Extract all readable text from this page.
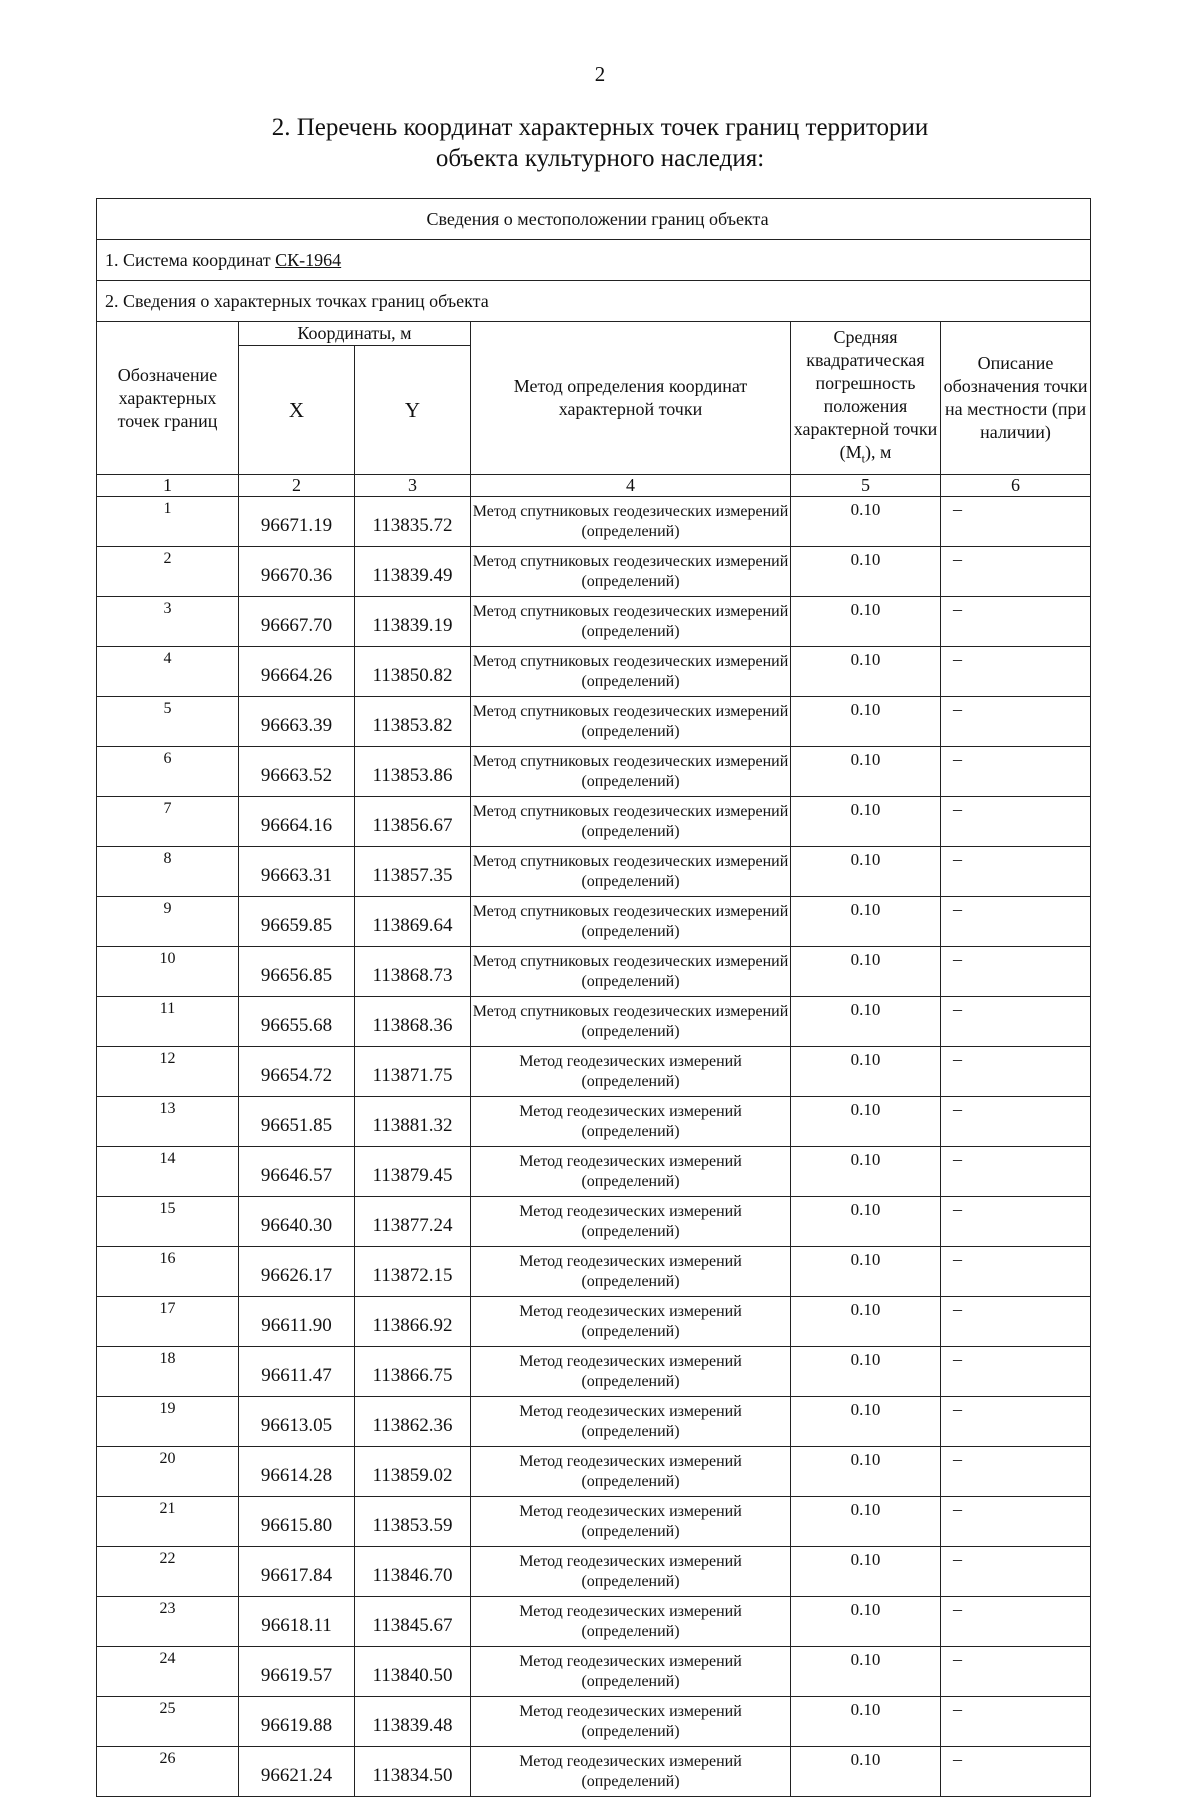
2
2. Перечень координат характерных точек границ территории
объекта культурного наследия:
Сведения о местоположении границ объекта					
1. Система координат СК-1964					
2. Сведения о характерных точках границ объекта					
Обозначение характерных точек границ	Координаты, м		Метод определения координат характерной точки	Средняя квадратическая погрешность положения характерной точки $(M_t)$, м	Описание обозначения точки на местности (при наличии)
	X	Y			
1	2	3	4	5	6
1	96671.19	113835.72	Метод спутниковых геодезических измерений (определений)	0.10	–
2	96670.36	113839.49	Метод спутниковых геодезических измерений (определений)	0.10	–
3	96667.70	113839.19	Метод спутниковых геодезических измерений (определений)	0.10	–
4	96664.26	113850.82	Метод спутниковых геодезических измерений (определений)	0.10	–
5	96663.39	113853.82	Метод спутниковых геодезических измерений (определений)	0.10	–
6	96663.52	113853.86	Метод спутниковых геодезических измерений (определений)	0.10	–
7	96664.16	113856.67	Метод спутниковых геодезических измерений (определений)	0.10	–
8	96663.31	113857.35	Метод спутниковых геодезических измерений (определений)	0.10	–
9	96659.85	113869.64	Метод спутниковых геодезических измерений (определений)	0.10	–
10	96656.85	113868.73	Метод спутниковых геодезических измерений (определений)	0.10	–
11	96655.68	113868.36	Метод спутниковых геодезических измерений (определений)	0.10	–
12	96654.72	113871.75	Метод геодезических измерений (определений)	0.10	–
13	96651.85	113881.32	Метод геодезических измерений (определений)	0.10	–
14	96646.57	113879.45	Метод геодезических измерений (определений)	0.10	–
15	96640.30	113877.24	Метод геодезических измерений (определений)	0.10	–
16	96626.17	113872.15	Метод геодезических измерений (определений)	0.10	–
17	96611.90	113866.92	Метод геодезических измерений (определений)	0.10	–
18	96611.47	113866.75	Метод геодезических измерений (определений)	0.10	–
19	96613.05	113862.36	Метод геодезических измерений (определений)	0.10	–
20	96614.28	113859.02	Метод геодезических измерений (определений)	0.10	–
21	96615.80	113853.59	Метод геодезических измерений (определений)	0.10	–
22	96617.84	113846.70	Метод геодезических измерений (определений)	0.10	–
23	96618.11	113845.67	Метод геодезических измерений (определений)	0.10	–
24	96619.57	113840.50	Метод геодезических измерений (определений)	0.10	–
25	96619.88	113839.48	Метод геодезических измерений (определений)	0.10	–
26	96621.24	113834.50	Метод геодезических измерений (определений)	0.10	–
